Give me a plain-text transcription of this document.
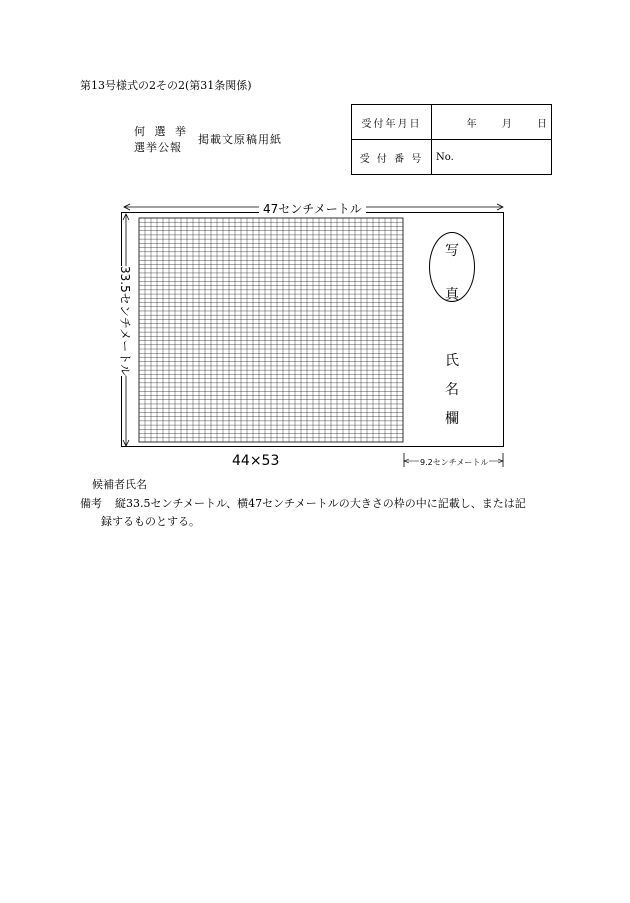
第13号様式の2その2(第31条関係)
何 選 挙
選挙公報
掲載文原稿用紙
受付年月日	年 月 日
受 付 番 号	No.
47センチメートル
33.5センチメートル
写
真
氏
名
欄
44×53	9.2センチメートル
候補者氏名
備考 縦33.5センチメートル、横47センチメートルの大きさの枠の中に記載し、または記
録するものとする。
